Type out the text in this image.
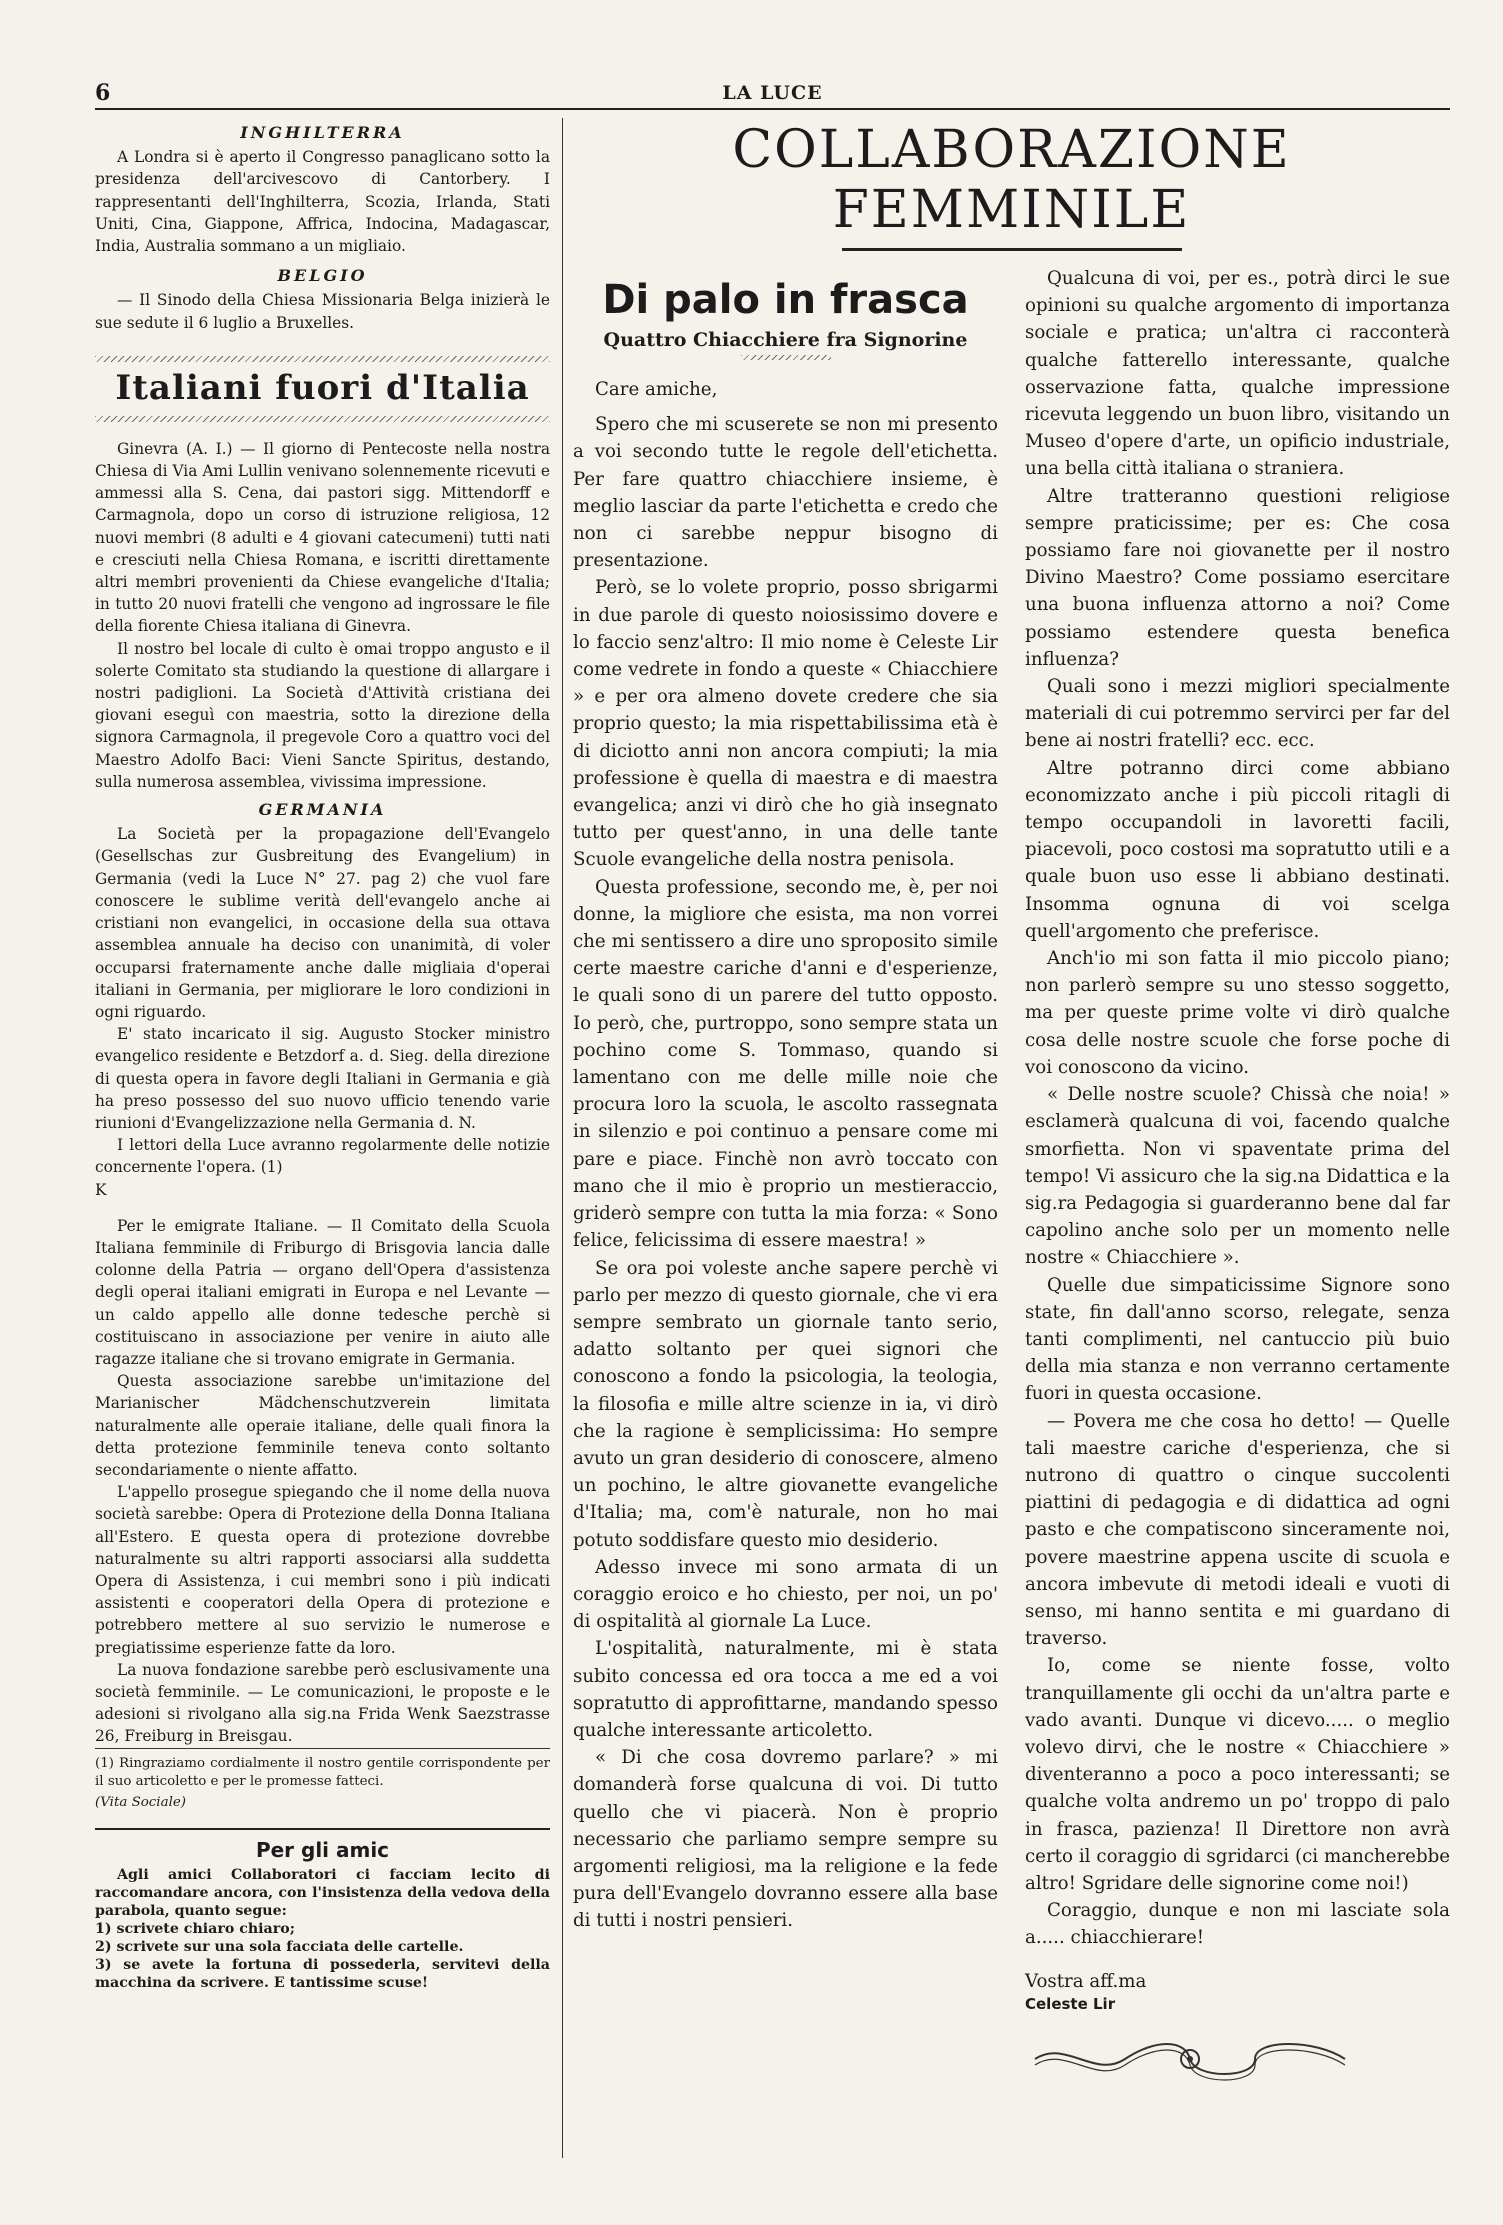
6	LA LUCE
INGHILTERRA

A Londra si è aperto il Congresso panaglicano sotto la presidenza dell'arcivescovo di Cantorbery. I rappresentanti dell'Inghilterra, Scozia, Irlanda, Stati Uniti, Cina, Giappone, Affrica, Indocina, Madagascar, India, Australia sommano a un migliaio.

BELGIO

— Il Sinodo della Chiesa Missionaria Belga inizierà le sue sedute il 6 luglio a Bruxelles.

Italiani fuori d'Italia

Ginevra (A. I.) — Il giorno di Pentecoste nella nostra Chiesa di Via Ami Lullin venivano solennemente ricevuti e ammessi alla S. Cena, dai pastori sigg. Mittendorff e Carmagnola, dopo un corso di istruzione religiosa, 12 nuovi membri (8 adulti e 4 giovani catecumeni) tutti nati e cresciuti nella Chiesa Romana, e iscritti direttamente altri membri provenienti da Chiese evangeliche d'Italia; in tutto 20 nuovi fratelli che vengono ad ingrossare le file della fiorente Chiesa italiana di Ginevra.

Il nostro bel locale di culto è omai troppo angusto e il solerte Comitato sta studiando la questione di allargare i nostri padiglioni. La Società d'Attività cristiana dei giovani eseguì con maestria, sotto la direzione della signora Carmagnola, il pregevole Coro a quattro voci del Maestro Adolfo Baci: Vieni Sancte Spiritus, destando, sulla numerosa assemblea, vivissima impressione.

GERMANIA

La Società per la propagazione dell'Evangelo (Gesellschas zur Gusbreitung des Evangelium) in Germania (vedi la Luce N° 27. pag 2) che vuol fare conoscere le sublime verità dell'evangelo anche ai cristiani non evangelici, in occasione della sua ottava assemblea annuale ha deciso con unanimità, di voler occuparsi fraternamente anche dalle migliaia d'operai italiani in Germania, per migliorare le loro condizioni in ogni riguardo.

E' stato incaricato il sig. Augusto Stocker ministro evangelico residente e Betzdorf a. d. Sieg. della direzione di questa opera in favore degli Italiani in Germania e già ha preso possesso del suo nuovo ufficio tenendo varie riunioni d'Evangelizzazione nella Germania d. N.

I lettori della Luce avranno regolarmente delle notizie concernente l'opera. (1)

K

Per le emigrate Italiane. — Il Comitato della Scuola Italiana femminile di Friburgo di Brisgovia lancia dalle colonne della Patria — organo dell'Opera d'assistenza degli operai italiani emigrati in Europa e nel Levante — un caldo appello alle donne tedesche perchè si costituiscano in associazione per venire in aiuto alle ragazze italiane che si trovano emigrate in Germania.

Questa associazione sarebbe un'imitazione del Marianischer Mädchenschutzverein limitata naturalmente alle operaie italiane, delle quali finora la detta protezione femminile teneva conto soltanto secondariamente o niente affatto.

L'appello prosegue spiegando che il nome della nuova società sarebbe: Opera di Protezione della Donna Italiana all'Estero. E questa opera di protezione dovrebbe naturalmente su altri rapporti associarsi alla suddetta Opera di Assistenza, i cui membri sono i più indicati assistenti e cooperatori della Opera di protezione e potrebbero mettere al suo servizio le numerose e pregiatissime esperienze fatte da loro.

La nuova fondazione sarebbe però esclusivamente una società femminile. — Le comunicazioni, le proposte e le adesioni si rivolgano alla sig.na Frida Wenk Saezstrasse 26, Freiburg in Breisgau.

(1) Ringraziamo cordialmente il nostro gentile corrispondente per il suo articoletto e per le promesse fatteci.

(Vita Sociale)

Per gli amic

Agli amici Collaboratori ci facciam lecito di raccomandare ancora, con l'insistenza della vedova della parabola, quanto segue:

1) scrivete chiaro chiaro;

2) scrivete sur una sola facciata delle cartelle.

3) se avete la fortuna di possederla, servitevi della macchina da scrivere. E tantissime scuse!

COLLABORAZIONE FEMMINILE
Di palo in frasca
Quattro Chiacchiere fra Signorine

Care amiche,

Spero che mi scuserete se non mi presento a voi secondo tutte le regole dell'etichetta. Per fare quattro chiacchiere insieme, è meglio lasciar da parte l'etichetta e credo che non ci sarebbe neppur bisogno di presentazione.

Però, se lo volete proprio, posso sbrigarmi in due parole di questo noiosissimo dovere e lo faccio senz'altro: Il mio nome è Celeste Lir come vedrete in fondo a queste « Chiacchiere » e per ora almeno dovete credere che sia proprio questo; la mia rispettabilissima età è di diciotto anni non ancora compiuti; la mia professione è quella di maestra e di maestra evangelica; anzi vi dirò che ho già insegnato tutto per quest'anno, in una delle tante Scuole evangeliche della nostra penisola.

Questa professione, secondo me, è, per noi donne, la migliore che esista, ma non vorrei che mi sentissero a dire uno sproposito simile certe maestre cariche d'anni e d'esperienze, le quali sono di un parere del tutto opposto. Io però, che, purtroppo, sono sempre stata un pochino come S. Tommaso, quando si lamentano con me delle mille noie che procura loro la scuola, le ascolto rassegnata in silenzio e poi continuo a pensare come mi pare e piace. Finchè non avrò toccato con mano che il mio è proprio un mestieraccio, griderò sempre con tutta la mia forza: « Sono felice, felicissima di essere maestra! »

Se ora poi voleste anche sapere perchè vi parlo per mezzo di questo giornale, che vi era sempre sembrato un giornale tanto serio, adatto soltanto per quei signori che conoscono a fondo la psicologia, la teologia, la filosofia e mille altre scienze in ia, vi dirò che la ragione è semplicissima: Ho sempre avuto un gran desiderio di conoscere, almeno un pochino, le altre giovanette evangeliche d'Italia; ma, com'è naturale, non ho mai potuto soddisfare questo mio desiderio.

Adesso invece mi sono armata di un coraggio eroico e ho chiesto, per noi, un po' di ospitalità al giornale La Luce.

L'ospitalità, naturalmente, mi è stata subito concessa ed ora tocca a me ed a voi sopratutto di approfittarne, mandando spesso qualche interessante articoletto.

« Di che cosa dovremo parlare? » mi domanderà forse qualcuna di voi. Di tutto quello che vi piacerà. Non è proprio necessario che parliamo sempre sempre su argomenti religiosi, ma la religione e la fede pura dell'Evangelo dovranno essere alla base di tutti i nostri pensieri.

Qualcuna di voi, per es., potrà dirci le sue opinioni su qualche argomento di importanza sociale e pratica; un'altra ci racconterà qualche fatterello interessante, qualche osservazione fatta, qualche impressione ricevuta leggendo un buon libro, visitando un Museo d'opere d'arte, un opificio industriale, una bella città italiana o straniera.

Altre tratteranno questioni religiose sempre praticissime; per es: Che cosa possiamo fare noi giovanette per il nostro Divino Maestro? Come possiamo esercitare una buona influenza attorno a noi? Come possiamo estendere questa benefica influenza?

Quali sono i mezzi migliori specialmente materiali di cui potremmo servirci per far del bene ai nostri fratelli? ecc. ecc.

Altre potranno dirci come abbiano economizzato anche i più piccoli ritagli di tempo occupandoli in lavoretti facili, piacevoli, poco costosi ma sopratutto utili e a quale buon uso esse li abbiano destinati. Insomma ognuna di voi scelga quell'argomento che preferisce.

Anch'io mi son fatta il mio piccolo piano; non parlerò sempre su uno stesso soggetto, ma per queste prime volte vi dirò qualche cosa delle nostre scuole che forse poche di voi conoscono da vicino.

« Delle nostre scuole? Chissà che noia! » esclamerà qualcuna di voi, facendo qualche smorfietta. Non vi spaventate prima del tempo! Vi assicuro che la sig.na Didattica e la sig.ra Pedagogia si guarderanno bene dal far capolino anche solo per un momento nelle nostre « Chiacchiere ».

Quelle due simpaticissime Signore sono state, fin dall'anno scorso, relegate, senza tanti complimenti, nel cantuccio più buio della mia stanza e non verranno certamente fuori in questa occasione.

— Povera me che cosa ho detto! — Quelle tali maestre cariche d'esperienza, che si nutrono di quattro o cinque succolenti piattini di pedagogia e di didattica ad ogni pasto e che compatiscono sinceramente noi, povere maestrine appena uscite di scuola e ancora imbevute di metodi ideali e vuoti di senso, mi hanno sentita e mi guardano di traverso.

Io, come se niente fosse, volto tranquillamente gli occhi da un'altra parte e vado avanti. Dunque vi dicevo..... o meglio volevo dirvi, che le nostre « Chiacchiere » diventeranno a poco a poco interessanti; se qualche volta andremo un po' troppo di palo in frasca, pazienza! Il Direttore non avrà certo il coraggio di sgridarci (ci mancherebbe altro! Sgridare delle signorine come noi!)

Coraggio, dunque e non mi lasciate sola a..... chiacchierare!

Vostra aff.ma

Celeste Lir
